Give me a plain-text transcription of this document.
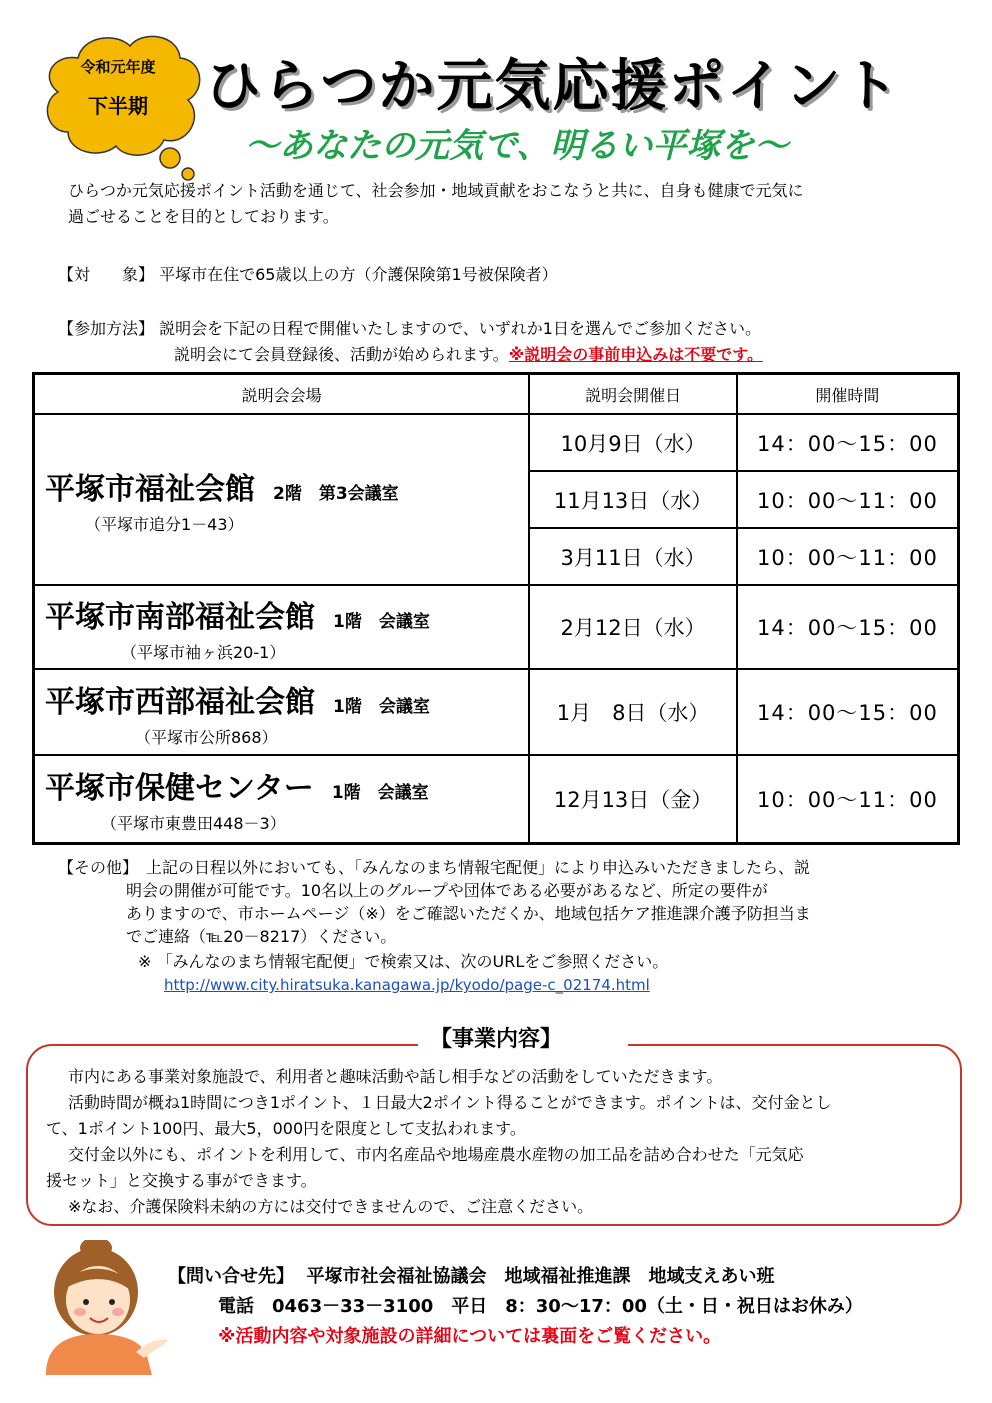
令和元年度
下半期	ひらつか元気応援ポイント
～あなたの元気で、明るい平塚を～
ひらつか元気応援ポイント活動を通じて、社会参加・地域貢献をおこなうと共に、自身も健康で元気に
過ごせることを目的としております。
【対　　象】 平塚市在住で65歳以上の方（介護保険第1号被保険者）
【参加方法】 説明会を下記の日程で開催いたしますので、いずれか1日を選んでご参加ください。
説明会にて会員登録後、活動が始められます。※説明会の事前申込みは不要です。
説明会会場	説明会開催日	開催時間

平塚市福祉会館 2階　第3会議室
（平塚市追分1－43）	10月9日（水）	14：00～15：00
	11月13日（水）	10：00～11：00
	3月11日（水）	10：00～11：00

平塚市南部福祉会館 1階　会議室
（平塚市袖ヶ浜20-1）	2月12日（水）	14：00～15：00

平塚市西部福祉会館 1階　会議室
（平塚市公所868）	1月　8日（水）	14：00～15：00

平塚市保健センター 1階　会議室
（平塚市東豊田448－3）	12月13日（金）	10：00～11：00
【その他】 上記の日程以外においても、「みんなのまち情報宅配便」により申込みいただきましたら、説
明会の開催が可能です。10名以上のグループや団体である必要があるなど、所定の要件が
ありますので、市ホームページ（※）をご確認いただくか、地域包括ケア推進課介護予防担当ま
でご連絡（℡20－8217）ください。
※ 「みんなのまち情報宅配便」で検索又は、次のURLをご参照ください。
http://www.city.hiratsuka.kanagawa.jp/kyodo/page-c_02174.html
市内にある事業対象施設で、利用者と趣味活動や話し相手などの活動をしていただきます。
活動時間が概ね1時間につき1ポイント、１日最大2ポイント得ることができます。ポイントは、交付金とし
て、1ポイント100円、最大5，000円を限度として支払われます。
交付金以外にも、ポイントを利用して、市内名産品や地場産農水産物の加工品を詰め合わせた「元気応
援セット」と交換する事ができます。
※なお、介護保険料未納の方には交付できませんので、ご注意ください。
【事業内容】
【問い合せ先】 平塚市社会福祉協議会　地域福祉推進課　地域支えあい班
電話　0463－33－3100　平日　8：30～17：00（土・日・祝日はお休み）
※活動内容や対象施設の詳細については裏面をご覧ください。
